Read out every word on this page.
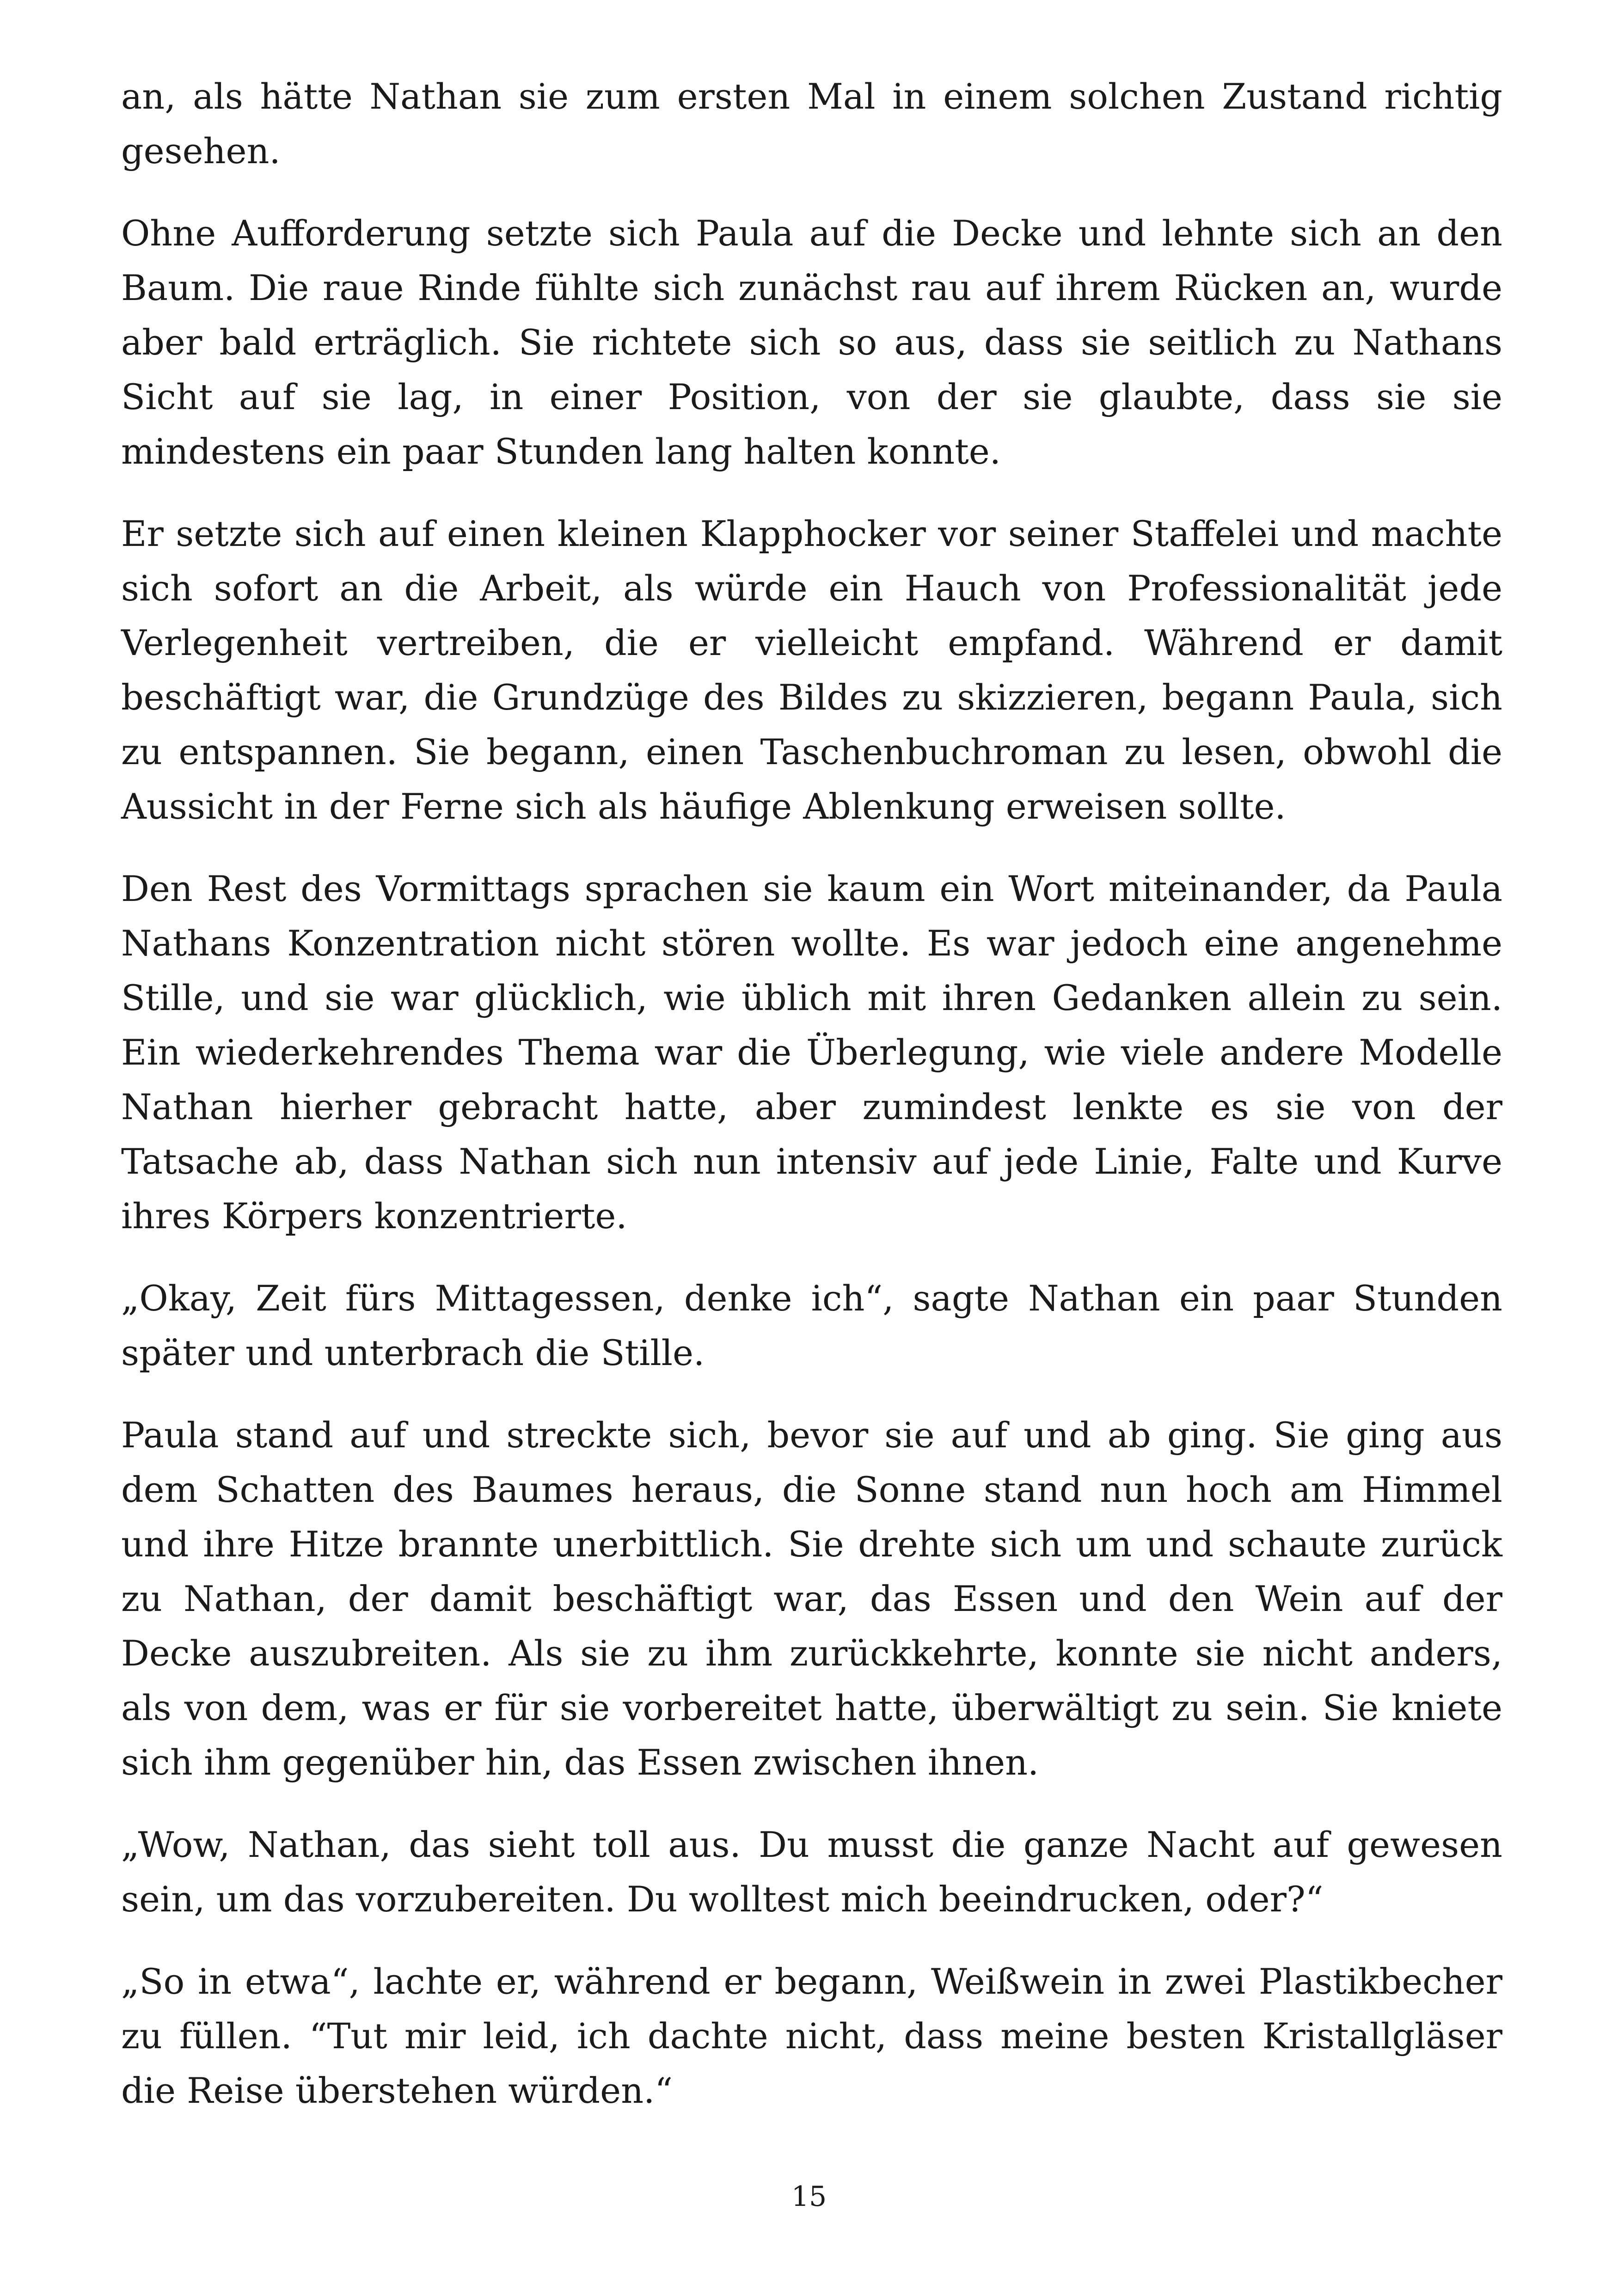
an, als hätte Nathan sie zum ersten Mal in einem solchen Zustand richtig gesehen.

Ohne Aufforderung setzte sich Paula auf die Decke und lehnte sich an den Baum. Die raue Rinde fühlte sich zunächst rau auf ihrem Rücken an, wurde aber bald erträglich. Sie richtete sich so aus, dass sie seitlich zu Nathans Sicht auf sie lag, in einer Position, von der sie glaubte, dass sie sie mindestens ein paar Stunden lang halten konnte.

Er setzte sich auf einen kleinen Klapphocker vor seiner Staffelei und machte sich sofort an die Arbeit, als würde ein Hauch von Professionalität jede Verlegenheit vertreiben, die er vielleicht empfand. Während er damit beschäftigt war, die Grundzüge des Bildes zu skizzieren, begann Paula, sich zu entspannen. Sie begann, einen Taschenbuchroman zu lesen, obwohl die Aussicht in der Ferne sich als häufige Ablenkung erweisen sollte.

Den Rest des Vormittags sprachen sie kaum ein Wort miteinander, da Paula Nathans Konzentration nicht stören wollte. Es war jedoch eine angenehme Stille, und sie war glücklich, wie üblich mit ihren Gedanken allein zu sein. Ein wiederkehrendes Thema war die Überlegung, wie viele andere Modelle Nathan hierher gebracht hatte, aber zumindest lenkte es sie von der Tatsache ab, dass Nathan sich nun intensiv auf jede Linie, Falte und Kurve ihres Körpers konzentrierte.

„Okay, Zeit fürs Mittagessen, denke ich“, sagte Nathan ein paar Stunden später und unterbrach die Stille.

Paula stand auf und streckte sich, bevor sie auf und ab ging. Sie ging aus dem Schatten des Baumes heraus, die Sonne stand nun hoch am Himmel und ihre Hitze brannte unerbittlich. Sie drehte sich um und schaute zurück zu Nathan, der damit beschäftigt war, das Essen und den Wein auf der Decke auszubreiten. Als sie zu ihm zurückkehrte, konnte sie nicht anders, als von dem, was er für sie vorbereitet hatte, überwältigt zu sein. Sie kniete sich ihm gegenüber hin, das Essen zwischen ihnen.

„Wow, Nathan, das sieht toll aus. Du musst die ganze Nacht auf gewesen sein, um das vorzubereiten. Du wolltest mich beeindrucken, oder?“

„So in etwa“, lachte er, während er begann, Weißwein in zwei Plastikbecher zu füllen. “Tut mir leid, ich dachte nicht, dass meine besten Kristallgläser die Reise überstehen würden.“

15
